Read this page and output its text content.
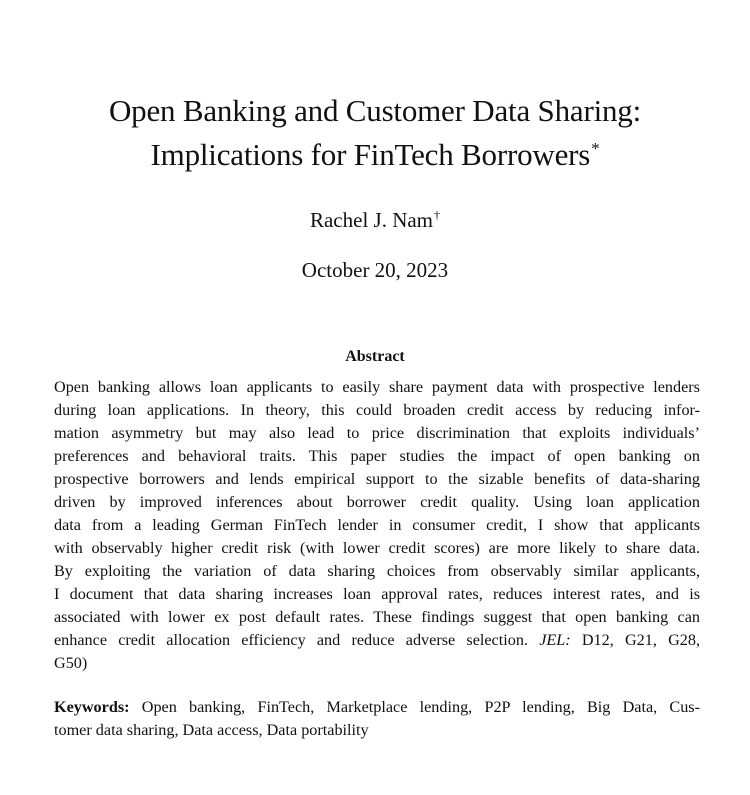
Open Banking and Customer Data Sharing:
Implications for FinTech Borrowers*
Rachel J. Nam†
October 20, 2023
Abstract
Open banking allows loan applicants to easily share payment data with prospective lenders
during loan applications. In theory, this could broaden credit access by reducing infor-
mation asymmetry but may also lead to price discrimination that exploits individuals’
preferences and behavioral traits. This paper studies the impact of open banking on
prospective borrowers and lends empirical support to the sizable benefits of data-sharing
driven by improved inferences about borrower credit quality. Using loan application
data from a leading German FinTech lender in consumer credit, I show that applicants
with observably higher credit risk (with lower credit scores) are more likely to share data.
By exploiting the variation of data sharing choices from observably similar applicants,
I document that data sharing increases loan approval rates, reduces interest rates, and is
associated with lower ex post default rates. These findings suggest that open banking can
enhance credit allocation efficiency and reduce adverse selection. JEL: D12, G21, G28,
G50)
Keywords: Open banking, FinTech, Marketplace lending, P2P lending, Big Data, Cus-
tomer data sharing, Data access, Data portability
